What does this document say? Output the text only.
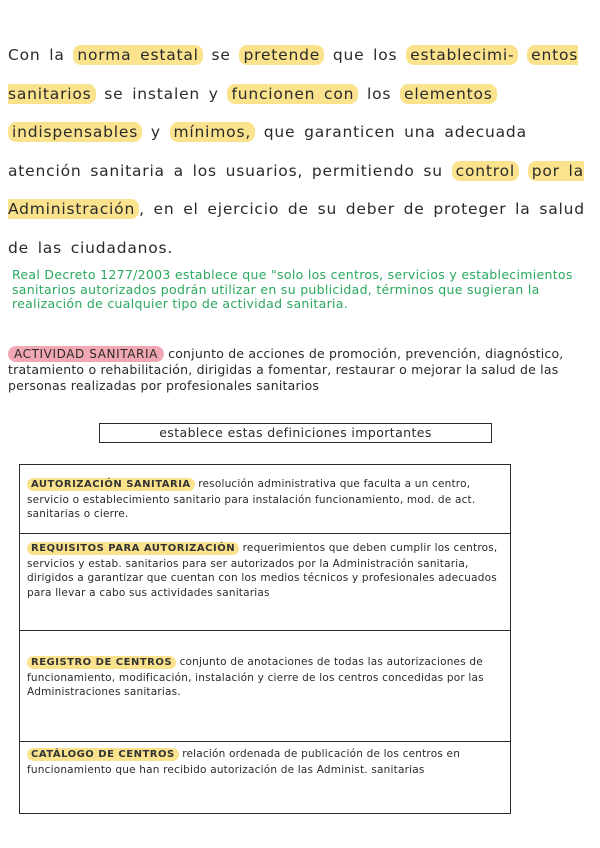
Con la norma estatal se pretende que los establecimi- entos sanitarios se instalen y funcionen con los elementos indispensables y mínimos, que garanticen una adecuada atención sanitaria a los usuarios, permitiendo su control por la Administración , en el ejercicio de su deber de proteger la salud de las ciudadanos.

Real Decreto 1277/2003 establece que "solo los centros, servicios y establecimientos sanitarios autorizados podrán utilizar en su publicidad, términos que sugieran la realización de cualquier tipo de actividad sanitaria.

ACTIVIDAD SANITARIA conjunto de acciones de promoción, prevención, diagnóstico, tratamiento o rehabilitación, dirigidas a fomentar, restaurar o mejorar la salud de las personas realizadas por profesionales sanitarios

establece estas definiciones importantes

AUTORIZACIÓN SANITARIA resolución administrativa que faculta a un centro, servicio o establecimiento sanitario para instalación funcionamiento, mod. de act. sanitarias o cierre.

REQUISITOS PARA AUTORIZACIÓN requerimientos que deben cumplir los centros, servicios y estab. sanitarios para ser autorizados por la Administración sanitaria, dirigidos a garantizar que cuentan con los medios técnicos y profesionales adecuados para llevar a cabo sus actividades sanitarias

REGISTRO DE CENTROS conjunto de anotaciones de todas las autorizaciones de funcionamiento, modificación, instalación y cierre de los centros concedidas por las Administraciones sanitarias.

CATÁLOGO DE CENTROS relación ordenada de publicación de los centros en funcionamiento que han recibido autorización de las Administ. sanitarias
